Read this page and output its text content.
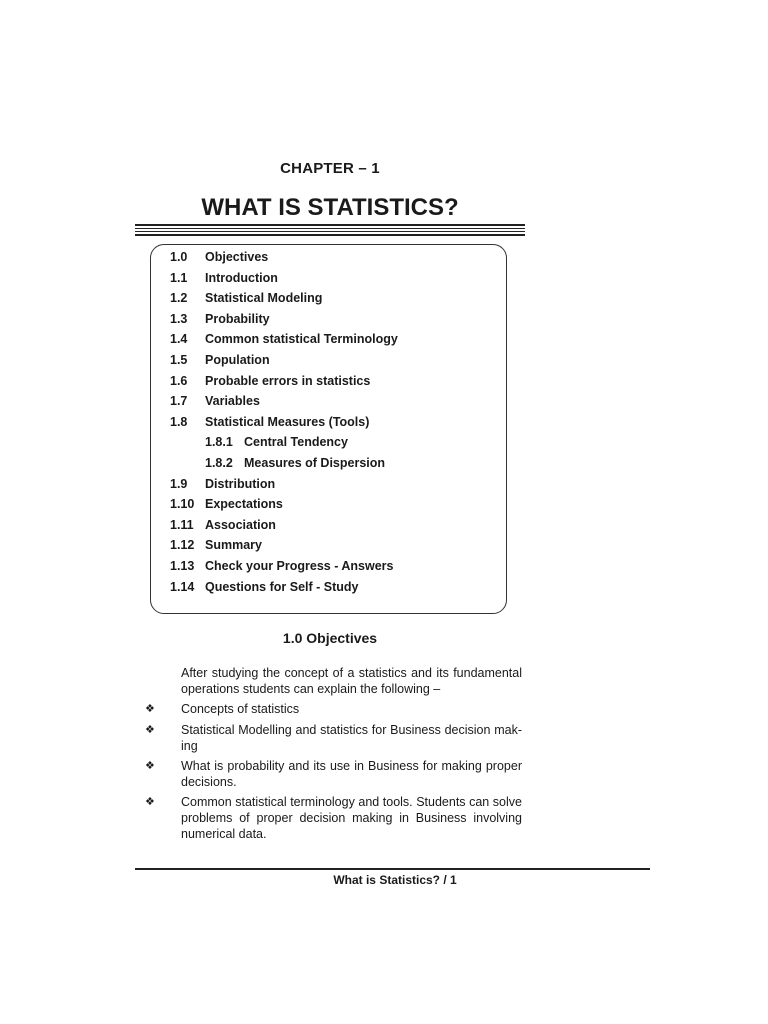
CHAPTER – 1
WHAT IS STATISTICS?
1.0 Objectives
1.1 Introduction
1.2 Statistical Modeling
1.3 Probability
1.4 Common statistical Terminology
1.5 Population
1.6 Probable errors in statistics
1.7 Variables
1.8 Statistical Measures (Tools)
1.8.1 Central Tendency
1.8.2 Measures of Dispersion
1.9 Distribution
1.10 Expectations
1.11 Association
1.12 Summary
1.13 Check your Progress - Answers
1.14 Questions for Self - Study
1.0 Objectives
After studying the concept of a statistics and its fundamental operations students can explain the following –
❖ Concepts of statistics
❖ Statistical Modelling and statistics for Business decision mak-ing
❖ What is probability and its use in Business for making proper decisions.
❖ Common statistical terminology and tools. Students can solve problems of proper decision making in Business involving numerical data.
What is Statistics? / 1
